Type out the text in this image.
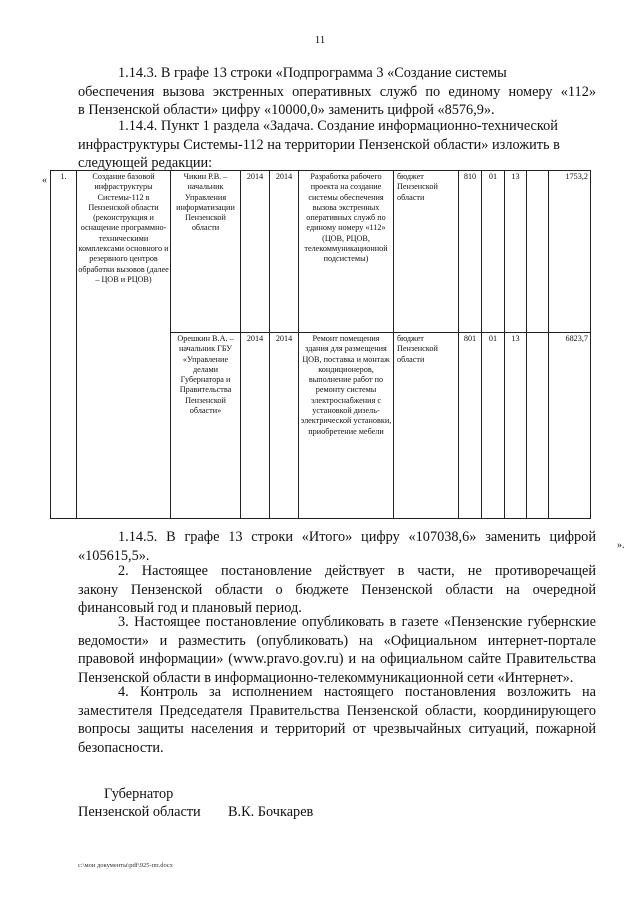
11

1.14.3. В графе 13 строки «Подпрограмма 3 «Создание системы
обеспечения вызова экстренных оперативных служб по единому номеру «112»
в Пензенской области» цифру «10000,0» заменить цифрой «8576,9».

1.14.4. Пункт 1 раздела «Задача. Создание информационно-технической
инфраструктуры Системы-112 на территории Пензенской области» изложить в
следующей редакции:

« 1.	Создание базовой инфраструктуры Системы-112 в Пензенской области (реконструкция и оснащение программно-техническими комплексами основного и резервного центров обработки вызовов (далее – ЦОВ и РЦОВ)	Чикин Р.В. – начальник Управления информатизации Пензенской области	2014	2014	Разработка рабочего проекта на создание системы обеспечения вызова экстренных оперативных служб по единому номеру «112» (ЦОВ, РЦОВ, телекоммуникационной подсистемы)	бюджет Пензенской области	810	01	13		1753,2
		Орешкин В.А. – начальник ГБУ «Управление делами Губернатора и Правительства Пензенской области»	2014	2014	Ремонт помещения здания для размещения ЦОВ, поставка и монтаж кондиционеров, выполнение работ по ремонту системы электроснабжения с установкой дизель-электрической установки, приобретение мебели	бюджет Пензенской области	801	01	13		6823,7
».

1.14.5. В графе 13 строки «Итого» цифру «107038,6» заменить цифрой
«105615,5».

2. Настоящее постановление действует в части, не противоречащей
закону Пензенской области о бюджете Пензенской области на очередной
финансовый год и плановый период.

3. Настоящее постановление опубликовать в газете «Пензенские губернские
ведомости» и разместить (опубликовать) на «Официальном интернет-портале
правовой информации» (www.pravo.gov.ru) и на официальном сайте Правительства
Пензенской области в информационно-телекоммуникационной сети «Интернет».

4. Контроль за исполнением настоящего постановления возложить на
заместителя Председателя Правительства Пензенской области, координирующего
вопросы защиты населения и территорий от чрезвычайных ситуаций, пожарной
безопасности.

Губернатор
Пензенской области В.К. Бочкарев
c:\мои документы\pdf\925-пп.docx
